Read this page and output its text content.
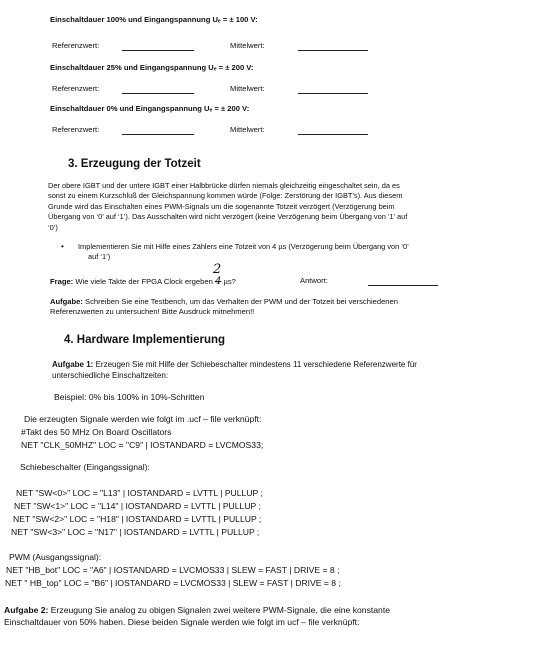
Einschaltdauer 100% und Eingangspannung Uₑ = ± 100 V:
Referenzwert:	Mittelwert:
Einschaltdauer 25% und Eingangspannung Uₑ = ± 200 V:
Referenzwert:	Mittelwert:
Einschaltdauer 0% und Eingangspannung Uₑ = ± 200 V:
Referenzwert:	Mittelwert:
3. Erzeugung der Totzeit
Der obere IGBT und der untere IGBT einer Halbbrücke dürfen niemals gleichzeitig eingeschaltet sein, da es
sonst zu einem Kurzschluß der Gleichspannung kommen würde (Folge: Zerstörung der IGBT’s). Aus diesem
Grunde wird das Einschalten eines PWM-Signals um die sogenannte Totzeit verzögert (Verzögerung beim
Übergang von ‘0’ auf ‘1’). Das Ausschalten wird nicht verzögert (keine Verzögerung beim Übergang von ‘1’ auf
‘0’)
• Implementieren Sie mit Hilfe eines Zählers eine Totzeit von 4 µs (Verzögerung beim Übergang von ‘0’
auf ‘1’)
Frage: Wie viele Takte der FPGA Clock ergeben 4
2
µs?	Antwort:
Aufgabe: Schreiben Sie eine Testbench, um das Verhalten der PWM und der Totzeit bei verschiedenen
Referenzwerten zu untersuchen! Bitte Ausdruck mitnehmen!!
4. Hardware Implementierung
Aufgabe 1: Erzeugen Sie mit Hilfe der Schiebeschalter mindestens 11 verschiedene Referenzwerte für
unterschiedliche Einschaltzeiten:
Beispiel: 0% bis 100% in 10%-Schritten
Die erzeugten Signale werden wie folgt im .ucf – file verknüpft:
#Takt des 50 MHz On Board Oscillators
NET "CLK_50MHZ" LOC = "C9" | IOSTANDARD = LVCMOS33;
Schiebeschalter (Eingangssignal):
NET "SW<0>" LOC = "L13" | IOSTANDARD = LVTTL | PULLUP ;
NET "SW<1>" LOC = "L14" | IOSTANDARD = LVTTL | PULLUP ;
NET "SW<2>" LOC = "H18" | IOSTANDARD = LVTTL | PULLUP ;
NET "SW<3>" LOC = "N17" | IOSTANDARD = LVTTL | PULLUP ;
PWM (Ausgangssignal):
NET "HB_bot" LOC = "A6" | IOSTANDARD = LVCMOS33 | SLEW = FAST | DRIVE = 8 ;
NET " HB_top" LOC = "B6" | IOSTANDARD = LVCMOS33 | SLEW = FAST | DRIVE = 8 ;
Aufgabe 2: Erzeugung Sie analog zu obigen Signalen zwei weitere PWM-Signale, die eine konstante
Einschaltdauer von 50% haben. Diese beiden Signale werden wie folgt im ucf – file verknüpft:
